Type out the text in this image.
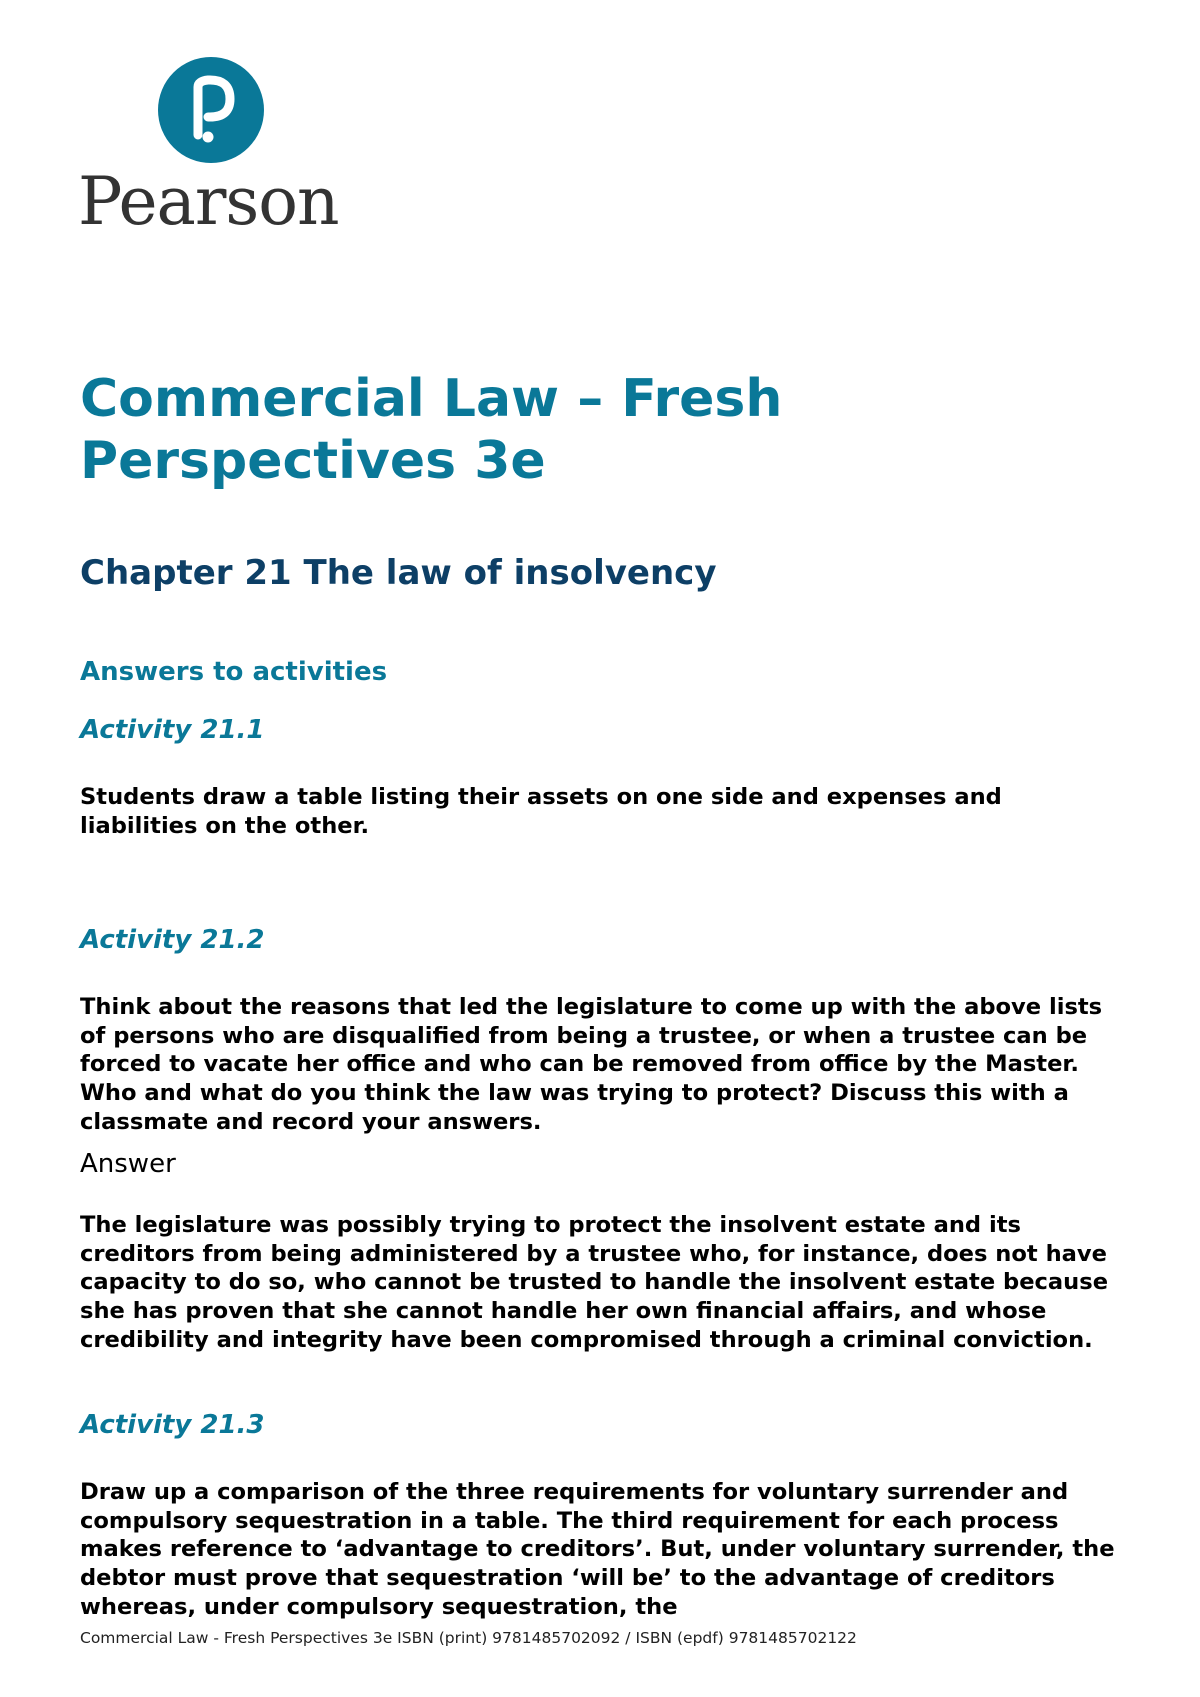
Pearson
Commercial Law – Fresh Perspectives 3e
Chapter 21 The law of insolvency
Answers to activities
Activity 21.1

Students draw a table listing their assets on one side and expenses and liabilities on the other.

Activity 21.2

Think about the reasons that led the legislature to come up with the above lists of persons who are disqualified from being a trustee, or when a trustee can be forced to vacate her office and who can be removed from office by the Master. Who and what do you think the law was trying to protect? Discuss this with a classmate and record your answers.

Answer

The legislature was possibly trying to protect the insolvent estate and its creditors from being administered by a trustee who, for instance, does not have capacity to do so, who cannot be trusted to handle the insolvent estate because she has proven that she cannot handle her own financial affairs, and whose credibility and integrity have been compromised through a criminal conviction.

Activity 21.3

Draw up a comparison of the three requirements for voluntary surrender and compulsory sequestration in a table. The third requirement for each process makes reference to ‘advantage to creditors’. But, under voluntary surrender, the debtor must prove that sequestration ‘will be’ to the advantage of creditors whereas, under compulsory sequestration, the

Commercial Law - Fresh Perspectives 3e ISBN (print) 9781485702092 / ISBN (epdf) 9781485702122
